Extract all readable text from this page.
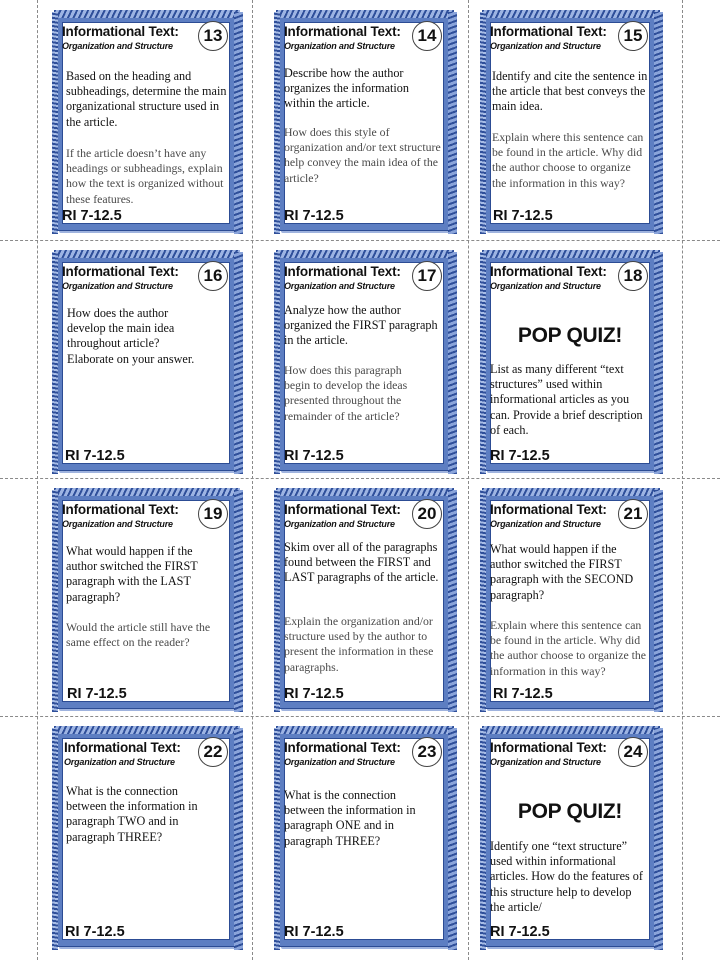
Informational Text:
Organization and Structure
13
Based on the heading and subheadings, determine the main organizational structure used in the article.
If the article doesn’t have any headings or subheadings, explain how the text is organized without these features.
RI 7-12.5
Informational Text:
Organization and Structure
14
Describe how the author organizes the information within the article.
How does this style of organization and/or text structure help convey the main idea of the article?
RI 7-12.5
Informational Text:
Organization and Structure
15
Identify and cite the sentence in the article that best conveys the main idea.
Explain where this sentence can be found in the article. Why did the author choose to organize the information in this way?
RI 7-12.5
Informational Text:
Organization and Structure
16
How does the author develop the main idea throughout article? Elaborate on your answer.
RI 7-12.5
Informational Text:
Organization and Structure
17
Analyze how the author organized the FIRST paragraph in the article.
How does this paragraph begin to develop the ideas presented throughout the remainder of the article?
RI 7-12.5
Informational Text:
Organization and Structure
18
POP QUIZ!
List as many different “text structures” used within informational articles as you can. Provide a brief description of each.
RI 7-12.5
Informational Text:
Organization and Structure
19
What would happen if the author switched the FIRST paragraph with the LAST paragraph?
Would the article still have the same effect on the reader?
RI 7-12.5
Informational Text:
Organization and Structure
20
Skim over all of the paragraphs found between the FIRST and LAST paragraphs of the article.
Explain the organization and/or structure used by the author to present the information in these paragraphs.
RI 7-12.5
Informational Text:
Organization and Structure
21
What would happen if the author switched the FIRST paragraph with the SECOND paragraph?
Explain where this sentence can be found in the article. Why did the author choose to organize the information in this way?
RI 7-12.5
Informational Text:
Organization and Structure
22
What is the connection between the information in paragraph TWO and in paragraph THREE?
RI 7-12.5
Informational Text:
Organization and Structure
23
What is the connection between the information in paragraph ONE and in paragraph THREE?
RI 7-12.5
Informational Text:
Organization and Structure
24
POP QUIZ!
Identify one “text structure” used within informational articles. How do the features of this structure help to develop the article/
RI 7-12.5
